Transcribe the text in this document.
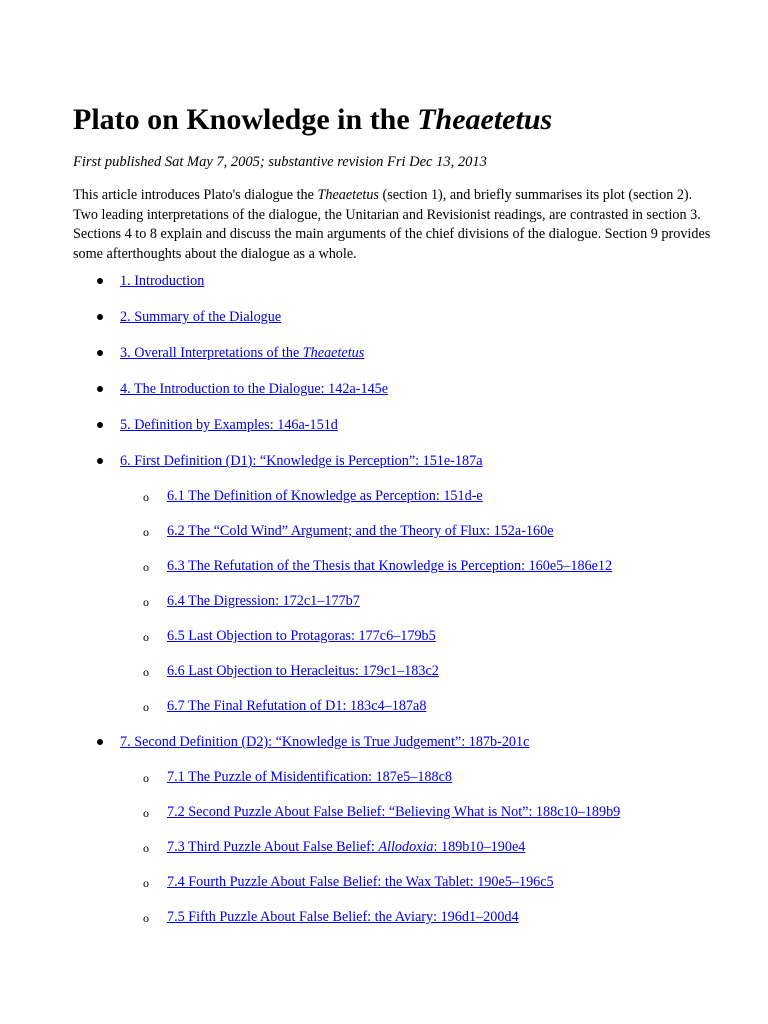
Plato on Knowledge in the Theaetetus

First published Sat May 7, 2005; substantive revision Fri Dec 13, 2013

This article introduces Plato's dialogue the Theaetetus (section 1), and briefly summarises its plot (section 2). Two leading interpretations of the dialogue, the Unitarian and Revisionist readings, are contrasted in section 3. Sections 4 to 8 explain and discuss the main arguments of the chief divisions of the dialogue. Section 9 provides some afterthoughts about the dialogue as a whole.

1. Introduction
2. Summary of the Dialogue
3. Overall Interpretations of the Theaetetus
4. The Introduction to the Dialogue: 142a-145e
5. Definition by Examples: 146a-151d
6. First Definition (D1): “Knowledge is Perception”: 151e-187a
o 6.1 The Definition of Knowledge as Perception: 151d-e
o 6.2 The “Cold Wind” Argument; and the Theory of Flux: 152a-160e
o 6.3 The Refutation of the Thesis that Knowledge is Perception: 160e5–186e12
o 6.4 The Digression: 172c1–177b7
o 6.5 Last Objection to Protagoras: 177c6–179b5
o 6.6 Last Objection to Heracleitus: 179c1–183c2
o 6.7 The Final Refutation of D1: 183c4–187a8
7. Second Definition (D2): “Knowledge is True Judgement”: 187b-201c
o 7.1 The Puzzle of Misidentification: 187e5–188c8
o 7.2 Second Puzzle About False Belief: “Believing What is Not”: 188c10–189b9
o 7.3 Third Puzzle About False Belief: Allodoxia: 189b10–190e4
o 7.4 Fourth Puzzle About False Belief: the Wax Tablet: 190e5–196c5
o 7.5 Fifth Puzzle About False Belief: the Aviary: 196d1–200d4
